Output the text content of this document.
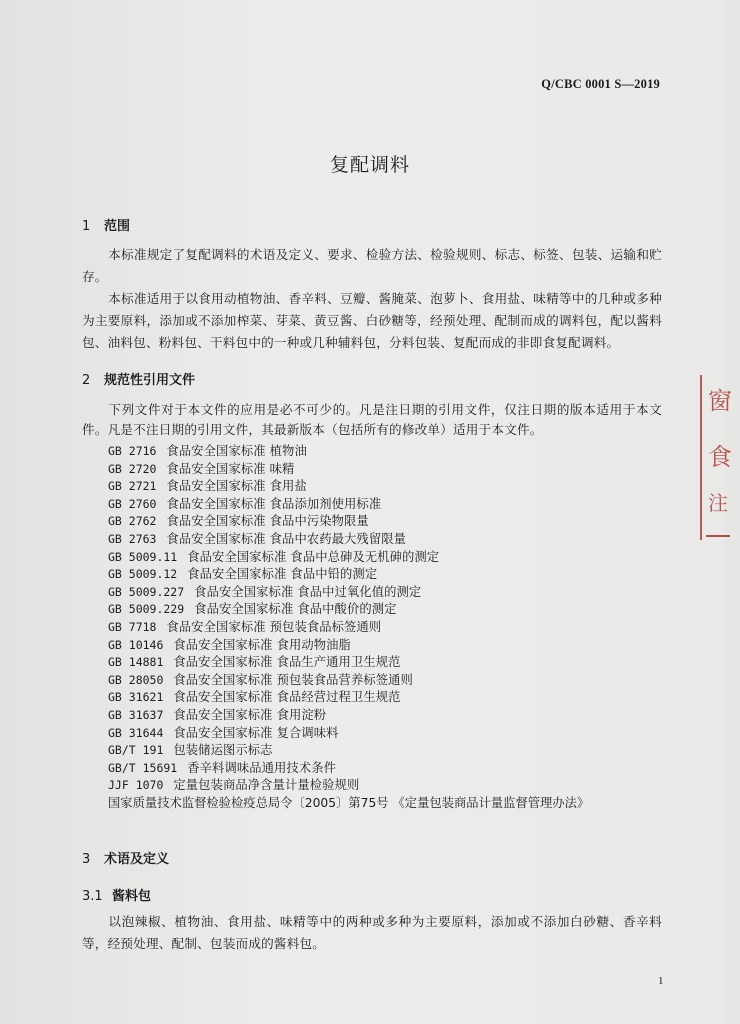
Q/CBC 0001 S—2019
复配调料
1 范围
本标准规定了复配调料的术语及定义、要求、检验方法、检验规则、标志、标签、包装、运输和贮存。
本标准适用于以食用动植物油、香辛料、豆瓣、酱腌菜、泡萝卜、食用盐、味精等中的几种或多种为主要原料，添加或不添加榨菜、芽菜、黄豆酱、白砂糖等，经预处理、配制而成的调料包，配以酱料包、油料包、粉料包、干料包中的一种或几种辅料包，分料包装、复配而成的非即食复配调料。
2 规范性引用文件
下列文件对于本文件的应用是必不可少的。凡是注日期的引用文件，仅注日期的版本适用于本文件。凡是不注日期的引用文件，其最新版本（包括所有的修改单）适用于本文件。
GB 2716 食品安全国家标准 植物油
GB 2720 食品安全国家标准 味精
GB 2721 食品安全国家标准 食用盐
GB 2760 食品安全国家标准 食品添加剂使用标准
GB 2762 食品安全国家标准 食品中污染物限量
GB 2763 食品安全国家标准 食品中农药最大残留限量
GB 5009.11 食品安全国家标准 食品中总砷及无机砷的测定
GB 5009.12 食品安全国家标准 食品中铅的测定
GB 5009.227 食品安全国家标准 食品中过氧化值的测定
GB 5009.229 食品安全国家标准 食品中酸价的测定
GB 7718 食品安全国家标准 预包装食品标签通则
GB 10146 食品安全国家标准 食用动物油脂
GB 14881 食品安全国家标准 食品生产通用卫生规范
GB 28050 食品安全国家标准 预包装食品营养标签通则
GB 31621 食品安全国家标准 食品经营过程卫生规范
GB 31637 食品安全国家标准 食用淀粉
GB 31644 食品安全国家标准 复合调味料
GB/T 191 包装储运图示标志
GB/T 15691 香辛料调味品通用技术条件
JJF 1070 定量包装商品净含量计量检验规则
国家质量技术监督检验检疫总局令〔2005〕第75号 《定量包装商品计量监督管理办法》
3 术语及定义
3.1 酱料包
以泡辣椒、植物油、食用盐、味精等中的两种或多种为主要原料，添加或不添加白砂糖、香辛料等，经预处理、配制、包装而成的酱料包。
1
窗
食
注
